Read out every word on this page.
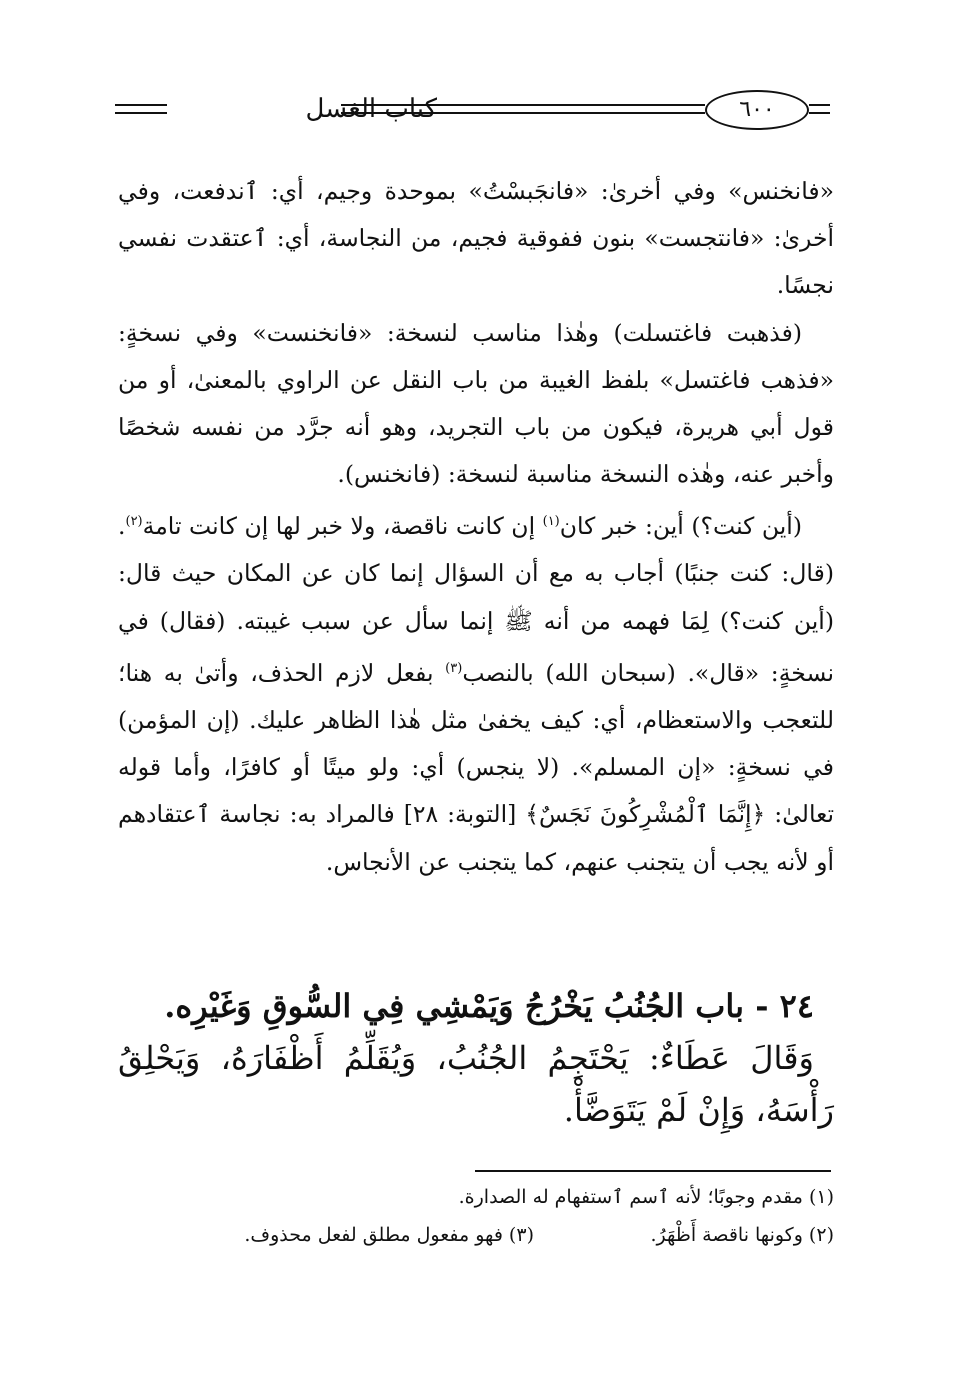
كتاب الغسل	٦٠٠

«فانخنس» وفي أخرىٰ: «فانجَبسْتُ» بموحدة وجيم، أي: ٱندفعت، وفي أخرىٰ: «فانتجست» بنون ففوقية فجيم، من النجاسة، أي: ٱعتقدت نفسي نجسًا.

(فذهبت فاغتسلت) وهٰذا مناسب لنسخة: «فانخنست» وفي نسخةٍ: «فذهب فاغتسل» بلفظ الغيبة من باب النقل عن الراوي بالمعنىٰ، أو من قول أبي هريرة، فيكون من باب التجريد، وهو أنه جرَّد من نفسه شخصًا وأخبر عنه، وهٰذه النسخة مناسبة لنسخة: (فانخنس).

(أين كنت؟) أين: خبر كان$^{(١)}$ إن كانت ناقصة، ولا خبر لها إن كانت تامة$^{(٢)}$. (قال: كنت جنبًا) أجاب به مع أن السؤال إنما كان عن المكان حيث قال: (أين كنت؟) لِمَا فهمه من أنه ﷺ إنما سأل عن سبب غيبته. (فقال) في نسخةٍ: «قال». (سبحان الله) بالنصب$^{(٣)}$ بفعل لازم الحذف، وأتىٰ به هنا؛ للتعجب والاستعظام، أي: كيف يخفىٰ مثل هٰذا الظاهر عليك. (إن المؤمن) في نسخةٍ: «إن المسلم». (لا ينجس) أي: ولو ميتًا أو كافرًا، وأما قوله تعالىٰ: ﴿إِنَّمَا ٱلْمُشْرِكُونَ نَجَسٌ﴾ [التوبة: ٢٨] فالمراد به: نجاسة ٱعتقادهم أو لأنه يجب أن يتجنب عنهم، كما يتجنب عن الأنجاس.

٢٤ - باب الجُنُبُ يَخْرُجُ وَيَمْشِي فِي السُّوقِ وَغَيْرِه.

وَقَالَ عَطَاءٌ: يَحْتَجِمُ الجُنُبُ، وَيُقَلِّمُ أَظْفَارَهُ، وَيَحْلِقُ رَأْسَهُ، وَإِنْ لَمْ يَتَوَضَّأْ.

(١) مقدم وجوبًا؛ لأنه ٱسم ٱستفهام له الصدارة.
(٢) وكونها ناقصة أَظْهَرُ.
(٣) فهو مفعول مطلق لفعل محذوف.
